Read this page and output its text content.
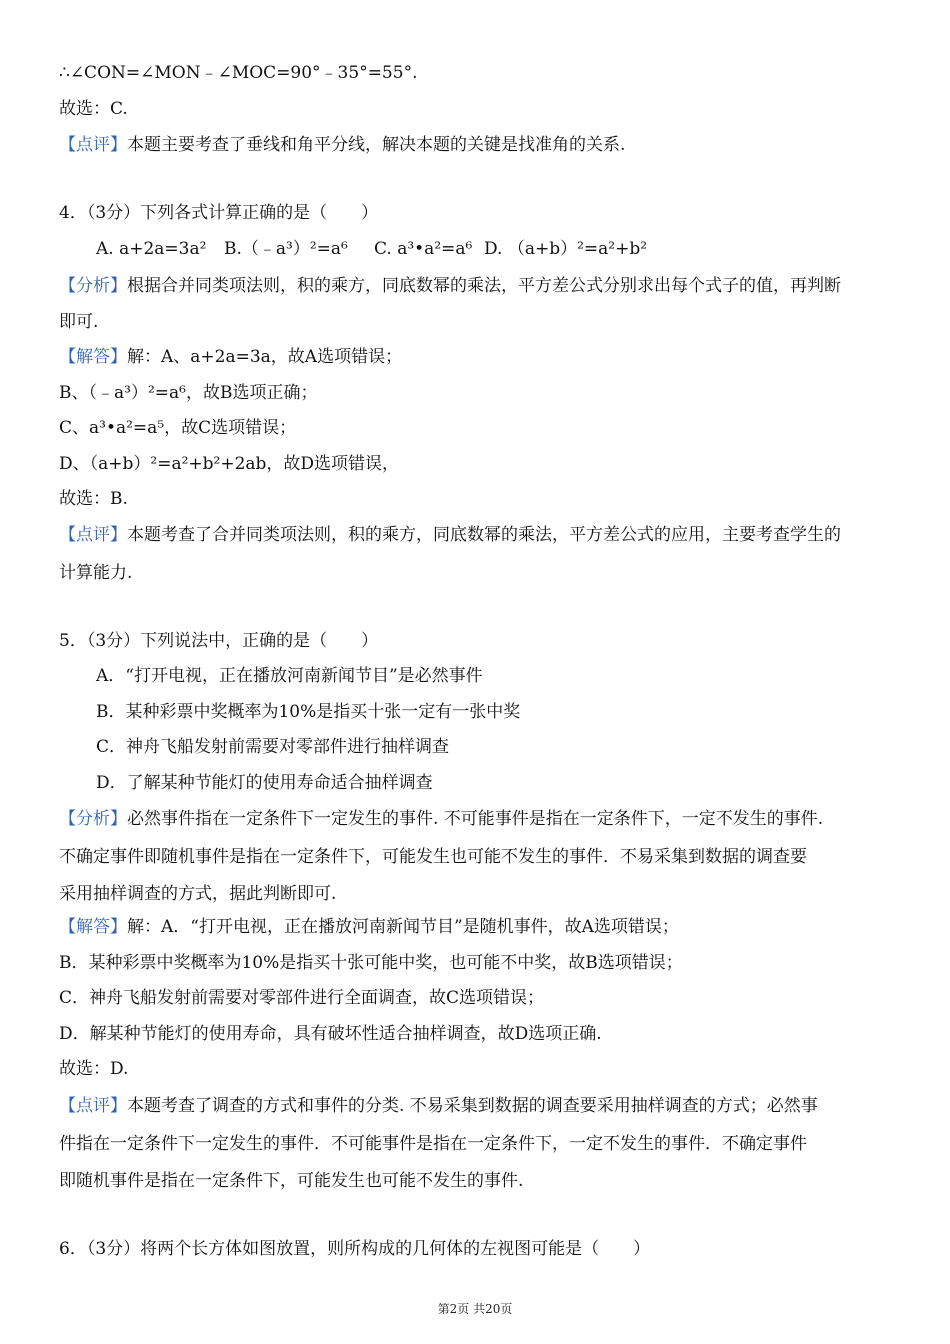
∴∠CON=∠MON﹣∠MOC=90°﹣35°=55°.
故选：C.
【点评】本题主要考查了垂线和角平分线，解决本题的关键是找准角的关系.
4．（3分）下列各式计算正确的是（　　）
A. a+2a=3a²	B.（﹣a³）²=a⁶	C. a³•a²=a⁶ D. （a+b）²=a²+b²
【分析】根据合并同类项法则，积的乘方，同底数幂的乘法，平方差公式分别求出每个式子的值，再判断
即可.
【解答】解：A、a+2a=3a，故A选项错误；
B、（﹣a³）²=a⁶，故B选项正确；
C、a³•a²=a⁵，故C选项错误；
D、（a+b）²=a²+b²+2ab，故D选项错误，
故选：B.
【点评】本题考查了合并同类项法则，积的乘方，同底数幂的乘法，平方差公式的应用，主要考查学生的
计算能力.
5．（3分）下列说法中，正确的是（　　）
A．“打开电视，正在播放河南新闻节目”是必然事件
B．某种彩票中奖概率为10%是指买十张一定有一张中奖
C．神舟飞船发射前需要对零部件进行抽样调查
D．了解某种节能灯的使用寿命适合抽样调查
【分析】必然事件指在一定条件下一定发生的事件. 不可能事件是指在一定条件下，一定不发生的事件.
不确定事件即随机事件是指在一定条件下，可能发生也可能不发生的事件．不易采集到数据的调查要
采用抽样调查的方式，据此判断即可.
【解答】解：A．“打开电视，正在播放河南新闻节目”是随机事件，故A选项错误；
B．某种彩票中奖概率为10%是指买十张可能中奖，也可能不中奖，故B选项错误；
C．神舟飞船发射前需要对零部件进行全面调查，故C选项错误；
D．解某种节能灯的使用寿命，具有破坏性适合抽样调查，故D选项正确.
故选：D.
【点评】本题考查了调查的方式和事件的分类. 不易采集到数据的调查要采用抽样调查的方式；必然事
件指在一定条件下一定发生的事件．不可能事件是指在一定条件下，一定不发生的事件．不确定事件
即随机事件是指在一定条件下，可能发生也可能不发生的事件.
6．（3分）将两个长方体如图放置，则所构成的几何体的左视图可能是（　　）
第2页 共20页
